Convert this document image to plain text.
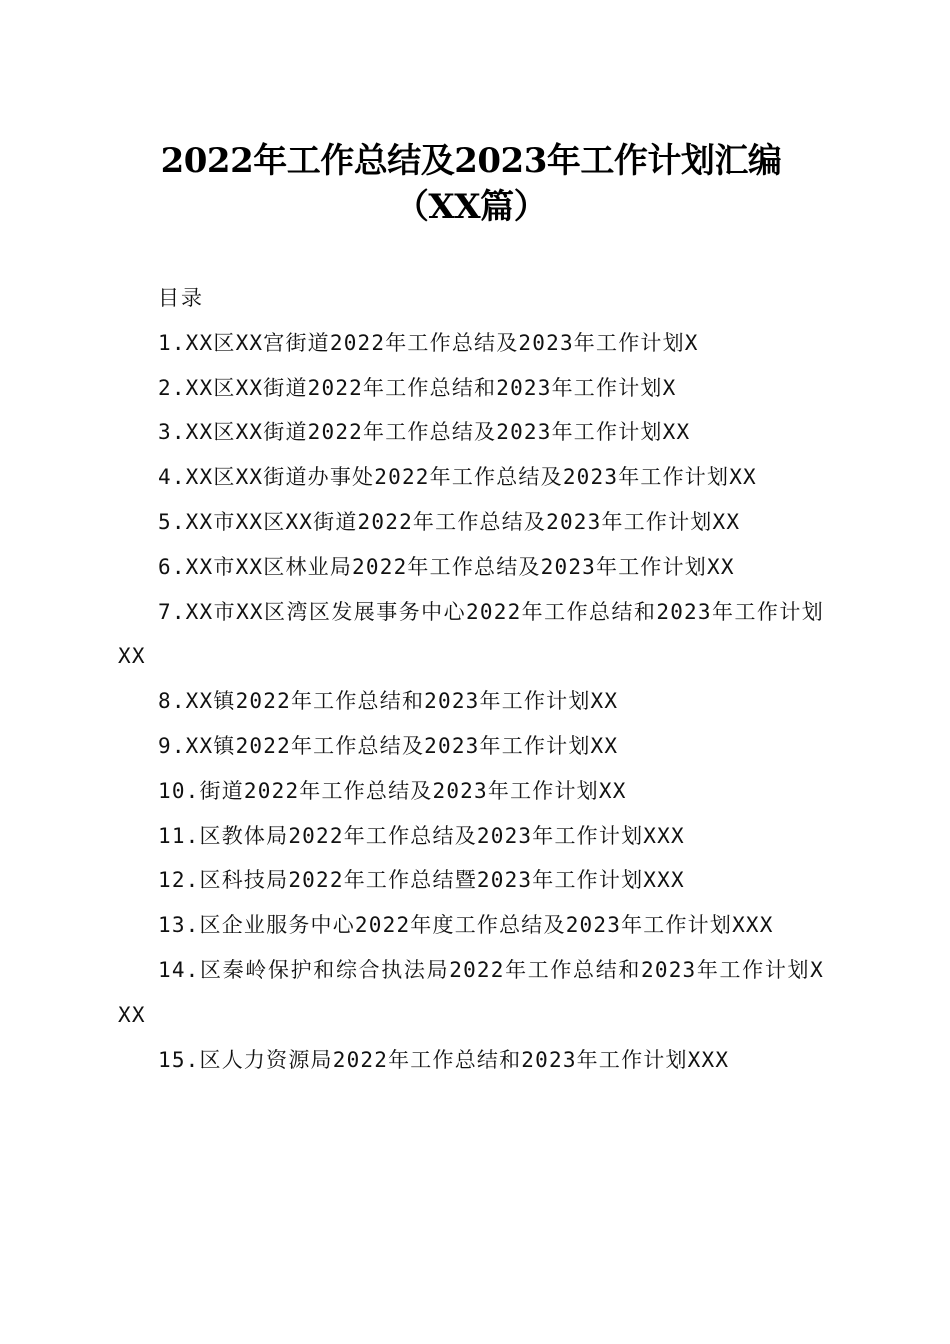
2022年工作总结及2023年工作计划汇编（XX篇）

目录

1.XX区XX宫街道2022年工作总结及2023年工作计划X

2.XX区XX街道2022年工作总结和2023年工作计划X

3.XX区XX街道2022年工作总结及2023年工作计划XX

4.XX区XX街道办事处2022年工作总结及2023年工作计划XX

5.XX市XX区XX街道2022年工作总结及2023年工作计划XX

6.XX市XX区林业局2022年工作总结及2023年工作计划XX

7.XX市XX区湾区发展事务中心2022年工作总结和2023年工作计划XX

8.XX镇2022年工作总结和2023年工作计划XX

9.XX镇2022年工作总结及2023年工作计划XX

10.街道2022年工作总结及2023年工作计划XX

11.区教体局2022年工作总结及2023年工作计划XXX

12.区科技局2022年工作总结暨2023年工作计划XXX

13.区企业服务中心2022年度工作总结及2023年工作计划XXX

14.区秦岭保护和综合执法局2022年工作总结和2023年工作计划XXX

15.区人力资源局2022年工作总结和2023年工作计划XXX
